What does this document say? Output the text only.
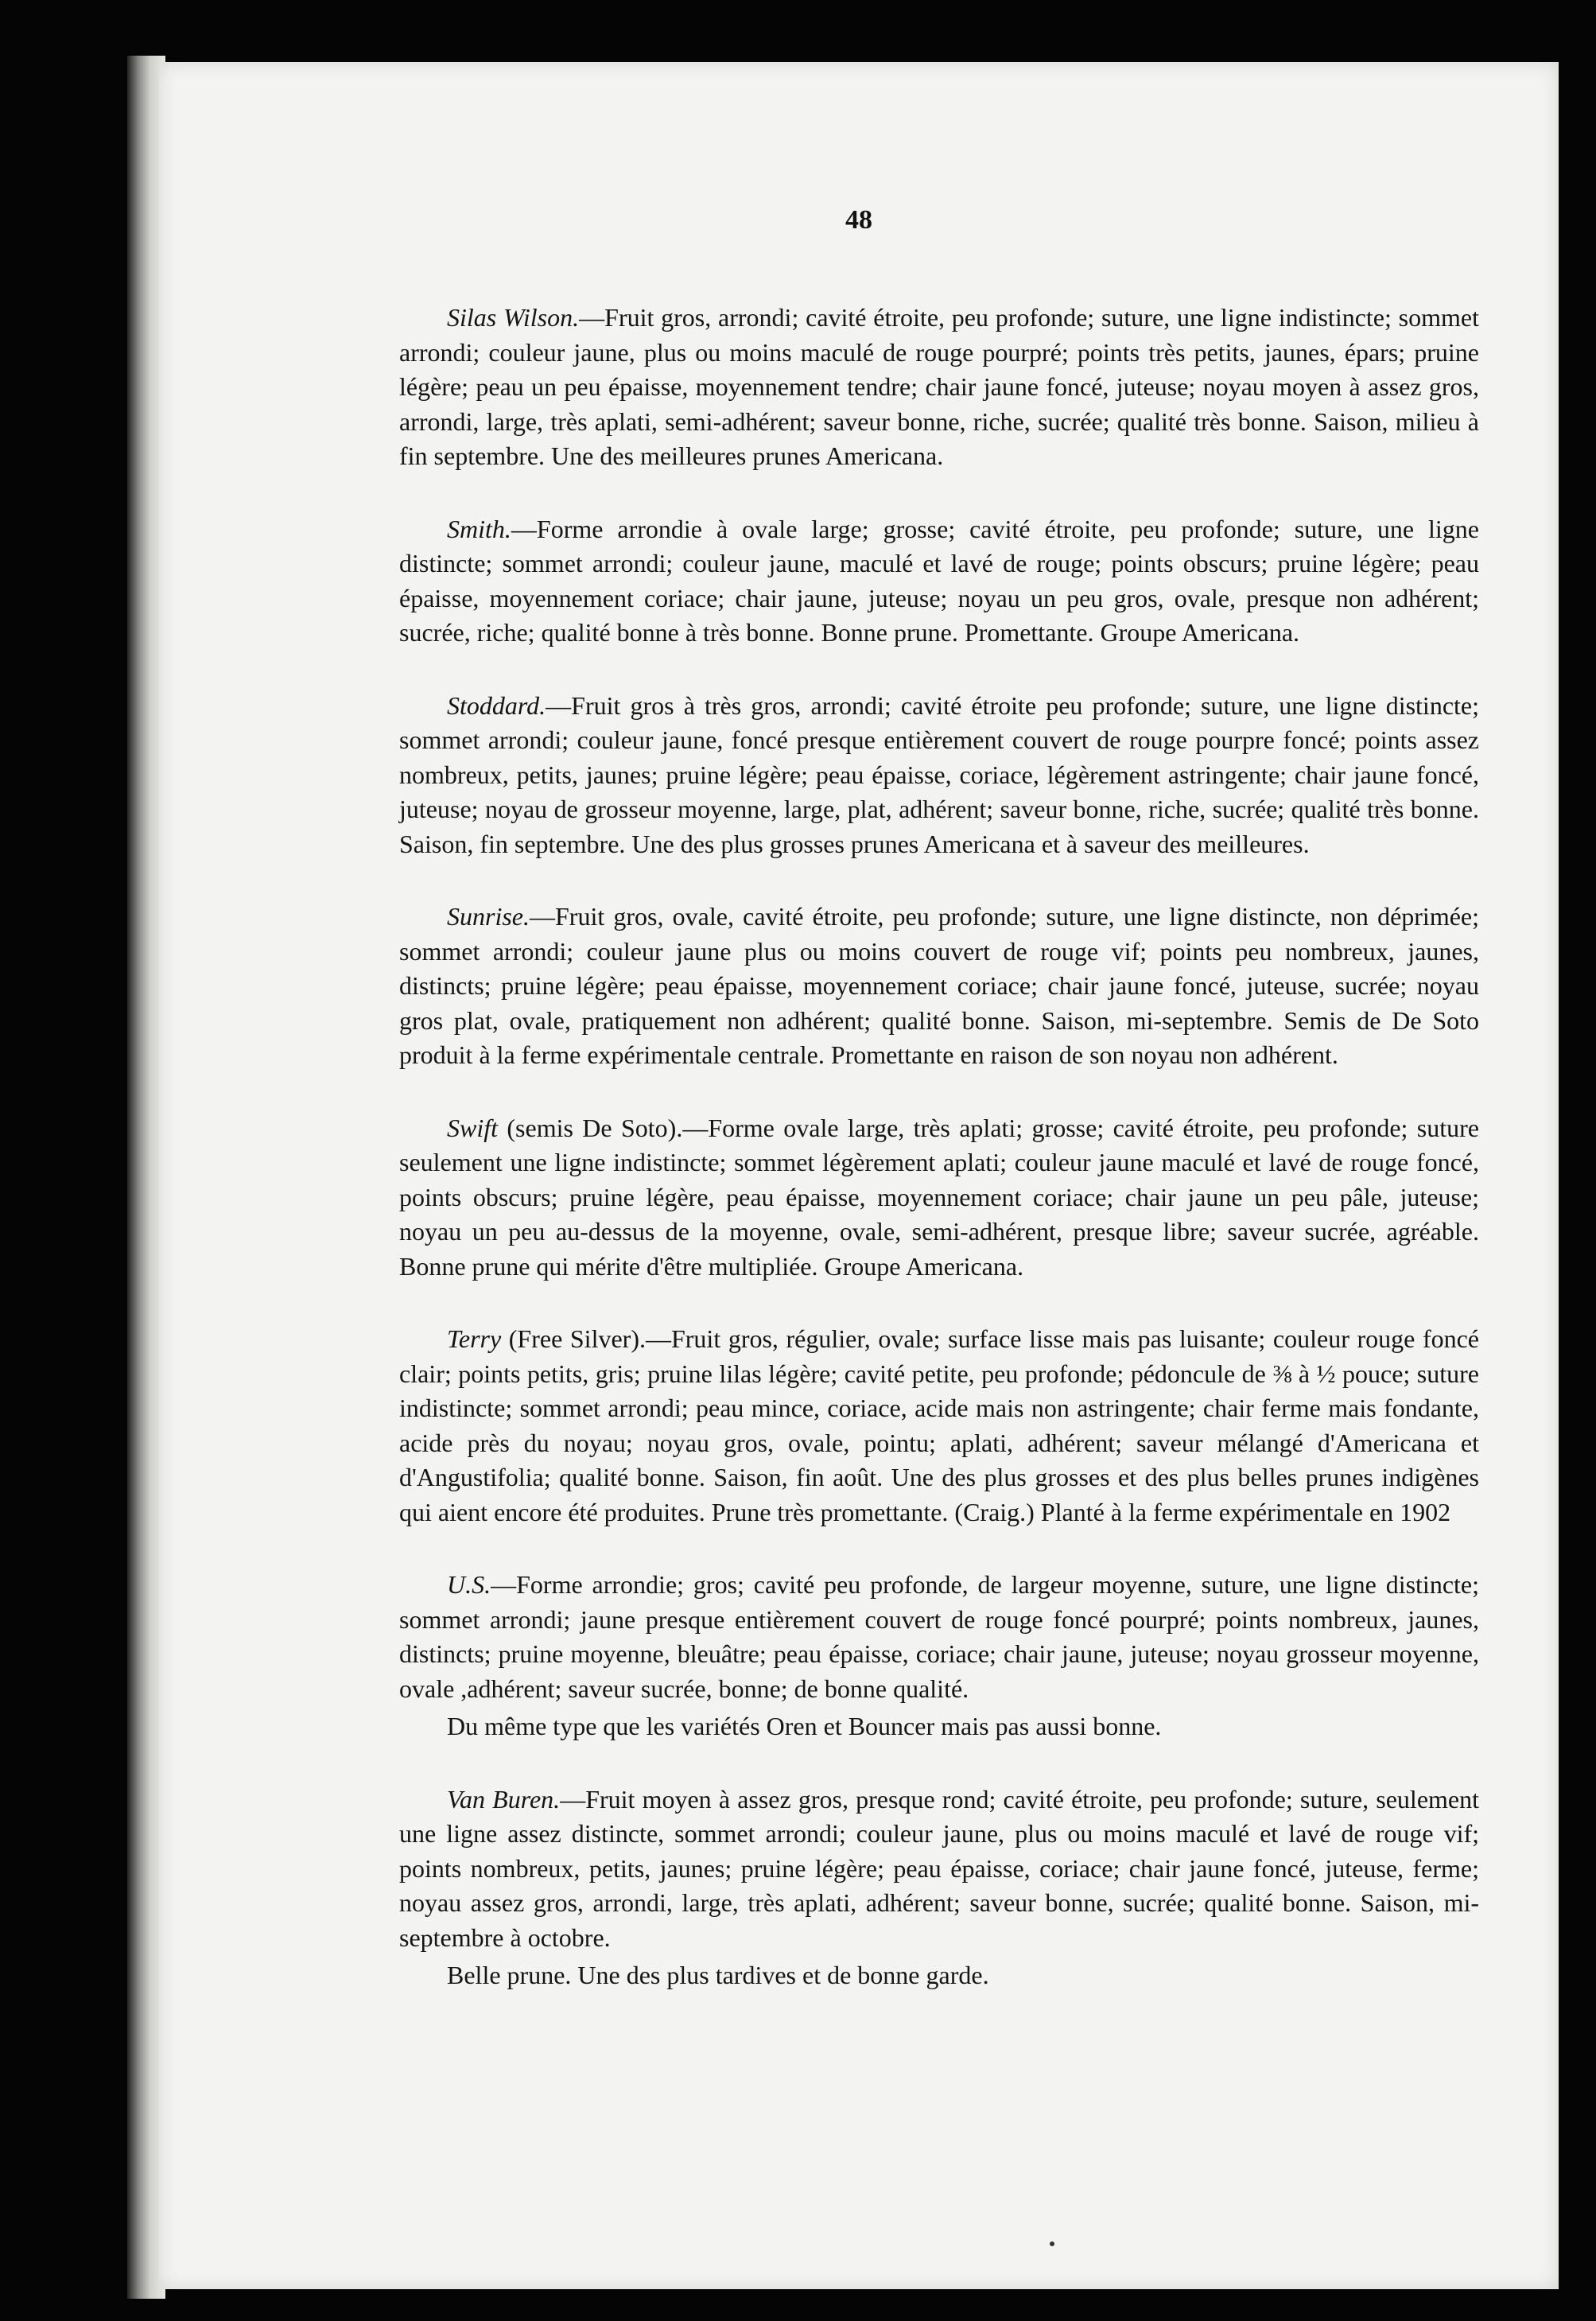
48

Silas Wilson.—Fruit gros, arrondi; cavité étroite, peu profonde; suture, une ligne indistincte; sommet arrondi; couleur jaune, plus ou moins maculé de rouge pourpré; points très petits, jaunes, épars; pruine légère; peau un peu épaisse, moyennement tendre; chair jaune foncé, juteuse; noyau moyen à assez gros, arrondi, large, très aplati, semi-adhérent; saveur bonne, riche, sucrée; qualité très bonne. Saison, milieu à fin septembre. Une des meilleures prunes Americana.

Smith.—Forme arrondie à ovale large; grosse; cavité étroite, peu profonde; suture, une ligne distincte; sommet arrondi; couleur jaune, maculé et lavé de rouge; points obscurs; pruine légère; peau épaisse, moyennement coriace; chair jaune, juteuse; noyau un peu gros, ovale, presque non adhérent; sucrée, riche; qualité bonne à très bonne. Bonne prune. Promettante. Groupe Americana.

Stoddard.—Fruit gros à très gros, arrondi; cavité étroite peu profonde; suture, une ligne distincte; sommet arrondi; couleur jaune, foncé presque entièrement couvert de rouge pourpre foncé; points assez nombreux, petits, jaunes; pruine légère; peau épaisse, coriace, légèrement astringente; chair jaune foncé, juteuse; noyau de grosseur moyenne, large, plat, adhérent; saveur bonne, riche, sucrée; qualité très bonne. Saison, fin septembre. Une des plus grosses prunes Americana et à saveur des meilleures.

Sunrise.—Fruit gros, ovale, cavité étroite, peu profonde; suture, une ligne distincte, non déprimée; sommet arrondi; couleur jaune plus ou moins couvert de rouge vif; points peu nombreux, jaunes, distincts; pruine légère; peau épaisse, moyennement coriace; chair jaune foncé, juteuse, sucrée; noyau gros plat, ovale, pratiquement non adhérent; qualité bonne. Saison, mi-septembre. Semis de De Soto produit à la ferme expérimentale centrale. Promettante en raison de son noyau non adhérent.

Swift (semis De Soto).—Forme ovale large, très aplati; grosse; cavité étroite, peu profonde; suture seulement une ligne indistincte; sommet légèrement aplati; couleur jaune maculé et lavé de rouge foncé, points obscurs; pruine légère, peau épaisse, moyennement coriace; chair jaune un peu pâle, juteuse; noyau un peu au-dessus de la moyenne, ovale, semi-adhérent, presque libre; saveur sucrée, agréable. Bonne prune qui mérite d'être multipliée. Groupe Americana.

Terry (Free Silver).—Fruit gros, régulier, ovale; surface lisse mais pas luisante; couleur rouge foncé clair; points petits, gris; pruine lilas légère; cavité petite, peu profonde; pédoncule de ⅜ à ½ pouce; suture indistincte; sommet arrondi; peau mince, coriace, acide mais non astringente; chair ferme mais fondante, acide près du noyau; noyau gros, ovale, pointu; aplati, adhérent; saveur mélangé d'Americana et d'Angustifolia; qualité bonne. Saison, fin août. Une des plus grosses et des plus belles prunes indigènes qui aient encore été produites. Prune très promettante. (Craig.) Planté à la ferme expérimentale en 1902

U.S.—Forme arrondie; gros; cavité peu profonde, de largeur moyenne, suture, une ligne distincte; sommet arrondi; jaune presque entièrement couvert de rouge foncé pourpré; points nombreux, jaunes, distincts; pruine moyenne, bleuâtre; peau épaisse, coriace; chair jaune, juteuse; noyau grosseur moyenne, ovale ,adhérent; saveur sucrée, bonne; de bonne qualité.

Du même type que les variétés Oren et Bouncer mais pas aussi bonne.

Van Buren.—Fruit moyen à assez gros, presque rond; cavité étroite, peu profonde; suture, seulement une ligne assez distincte, sommet arrondi; couleur jaune, plus ou moins maculé et lavé de rouge vif; points nombreux, petits, jaunes; pruine légère; peau épaisse, coriace; chair jaune foncé, juteuse, ferme; noyau assez gros, arrondi, large, très aplati, adhérent; saveur bonne, sucrée; qualité bonne. Saison, mi-septembre à octobre.

Belle prune. Une des plus tardives et de bonne garde.
